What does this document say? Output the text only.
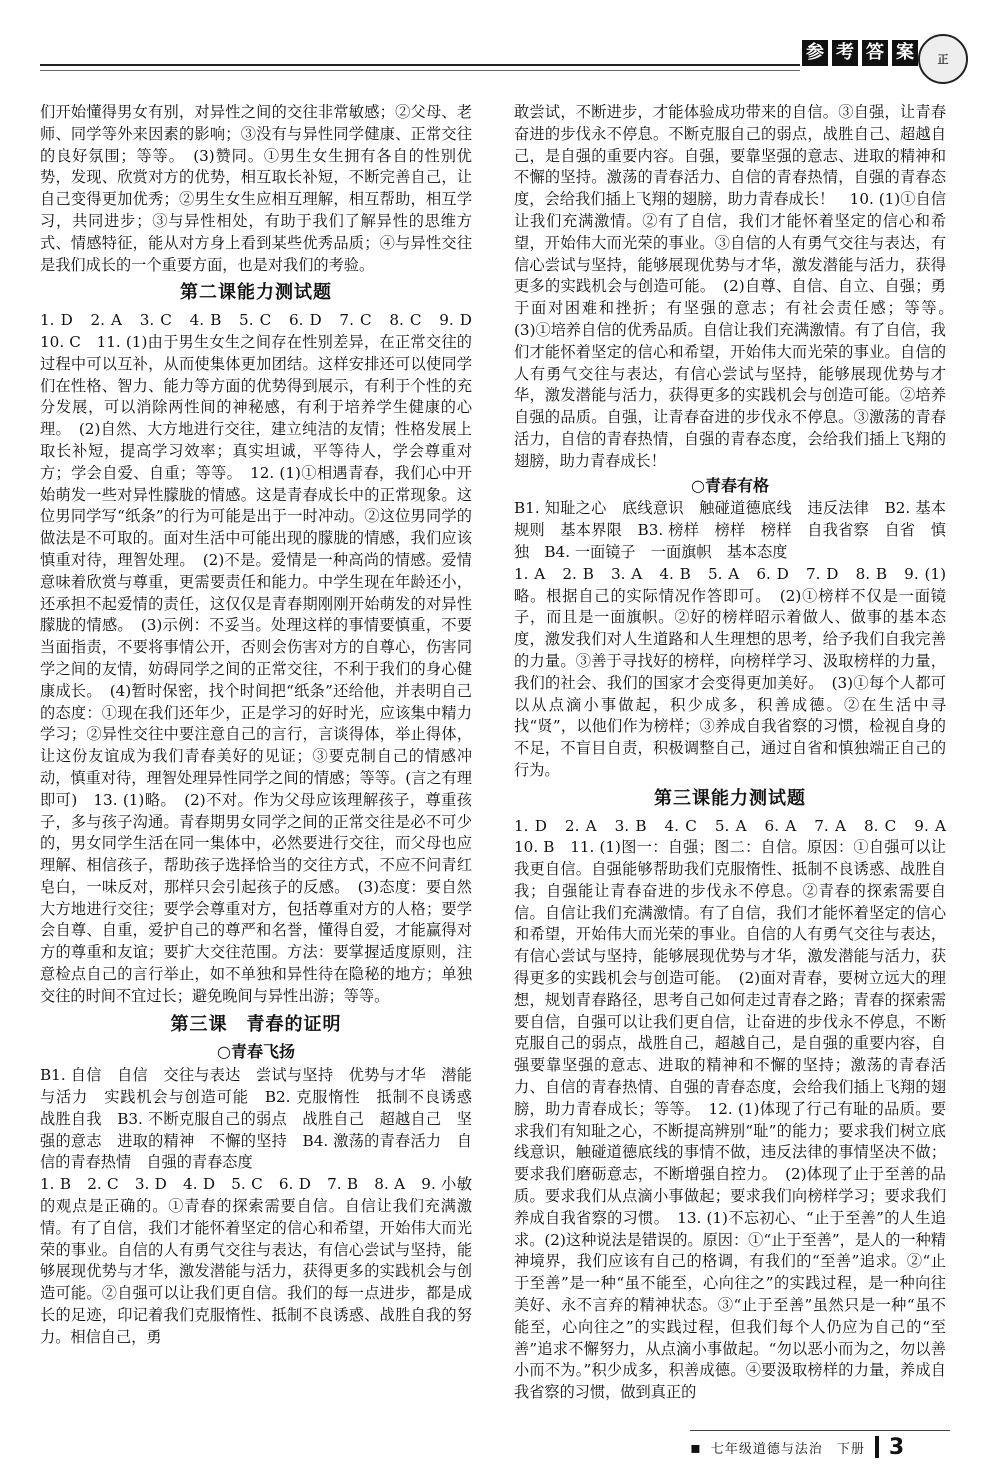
参 考 答 案	正

们开始懂得男女有别，对异性之间的交往非常敏感；②父母、老师、同学等外来因素的影响；③没有与异性同学健康、正常交往的良好氛围；等等。　(3)赞同。①男生女生拥有各自的性别优势，发现、欣赏对方的优势，相互取长补短，不断完善自己，让自己变得更加优秀；②男生女生应相互理解，相互帮助，相互学习，共同进步；③与异性相处，有助于我们了解异性的思维方式、情感特征，能从对方身上看到某些优秀品质；④与异性交往是我们成长的一个重要方面，也是对我们的考验。

第二课能力测试题

1. D　2. A　3. C　4. B　5. C　6. D　7. C　8. C　9. D　10. C　11. (1)由于男生女生之间存在性别差异，在正常交往的过程中可以互补，从而使集体更加团结。这样安排还可以使同学们在性格、智力、能力等方面的优势得到展示，有利于个性的充分发展，可以消除两性间的神秘感，有利于培养学生健康的心理。　(2)自然、大方地进行交往，建立纯洁的友情；性格发展上取长补短，提高学习效率；真实坦诚，平等待人，学会尊重对方；学会自爱、自重；等等。　12. (1)①相遇青春，我们心中开始萌发一些对异性朦胧的情感。这是青春成长中的正常现象。这位男同学写“纸条”的行为可能是出于一时冲动。②这位男同学的做法是不可取的。面对生活中可能出现的朦胧的情感，我们应该慎重对待，理智处理。　(2)不是。爱情是一种高尚的情感。爱情意味着欣赏与尊重，更需要责任和能力。中学生现在年龄还小，还承担不起爱情的责任，这仅仅是青春期刚刚开始萌发的对异性朦胧的情感。　(3)示例：不妥当。处理这样的事情要慎重，不要当面指责，不要将事情公开，否则会伤害对方的自尊心，伤害同学之间的友情，妨碍同学之间的正常交往，不利于我们的身心健康成长。　(4)暂时保密，找个时间把“纸条”还给他，并表明自己的态度：①现在我们还年少，正是学习的好时光，应该集中精力学习；②异性交往中要注意自己的言行，言谈得体，举止得体，让这份友谊成为我们青春美好的见证；③要克制自己的情感冲动，慎重对待，理智处理异性同学之间的情感；等等。(言之有理即可)　13. (1)略。　(2)不对。作为父母应该理解孩子，尊重孩子，多与孩子沟通。青春期男女同学之间的正常交往是必不可少的，男女同学生活在同一集体中，必然要进行交往，而父母也应理解、相信孩子，帮助孩子选择恰当的交往方式，不应不问青红皂白，一味反对，那样只会引起孩子的反感。　(3)态度：要自然大方地进行交往；要学会尊重对方，包括尊重对方的人格；要学会自尊、自重，爱护自己的尊严和名誉，懂得自爱，才能赢得对方的尊重和友谊；要扩大交往范围。方法：要掌握适度原则，注意检点自己的言行举止，如不单独和异性待在隐秘的地方；单独交往的时间不宜过长；避免晚间与异性出游；等等。

第三课　青春的证明
○青春飞扬

B1. 自信　自信　交往与表达　尝试与坚持　优势与才华　潜能与活力　实践机会与创造可能　B2. 克服惰性　抵制不良诱惑　战胜自我　B3. 不断克服自己的弱点　战胜自己　超越自己　坚强的意志　进取的精神　不懈的坚持　B4. 激荡的青春活力　自信的青春热情　自强的青春态度

1. B　2. C　3. D　4. D　5. C　6. D　7. B　8. A　9. 小敏的观点是正确的。①青春的探索需要自信。自信让我们充满激情。有了自信，我们才能怀着坚定的信心和希望，开始伟大而光荣的事业。自信的人有勇气交往与表达，有信心尝试与坚持，能够展现优势与才华，激发潜能与活力，获得更多的实践机会与创造可能。②自强可以让我们更自信。我们的每一点进步，都是成长的足迹，印记着我们克服惰性、抵制不良诱惑、战胜自我的努力。相信自己，勇

敢尝试，不断进步，才能体验成功带来的自信。③自强，让青春奋进的步伐永不停息。不断克服自己的弱点，战胜自己、超越自己，是自强的重要内容。自强，要靠坚强的意志、进取的精神和不懈的坚持。激荡的青春活力、自信的青春热情，自强的青春态度，会给我们插上飞翔的翅膀，助力青春成长！　10. (1)①自信让我们充满激情。②有了自信，我们才能怀着坚定的信心和希望，开始伟大而光荣的事业。③自信的人有勇气交往与表达，有信心尝试与坚持，能够展现优势与才华，激发潜能与活力，获得更多的实践机会与创造可能。　(2)自尊、自信、自立、自强；勇于面对困难和挫折；有坚强的意志；有社会责任感；等等。　(3)①培养自信的优秀品质。自信让我们充满激情。有了自信，我们才能怀着坚定的信心和希望，开始伟大而光荣的事业。自信的人有勇气交往与表达，有信心尝试与坚持，能够展现优势与才华，激发潜能与活力，获得更多的实践机会与创造可能。②培养自强的品质。自强，让青春奋进的步伐永不停息。③激荡的青春活力，自信的青春热情，自强的青春态度，会给我们插上飞翔的翅膀，助力青春成长！

○青春有格

B1. 知耻之心　底线意识　触碰道德底线　违反法律　B2. 基本规则　基本界限　B3. 榜样　榜样　榜样　自我省察　自省　慎独　B4. 一面镜子　一面旗帜　基本态度

1. A　2. B　3. A　4. B　5. A　6. D　7. D　8. B　9. (1)略。根据自己的实际情况作答即可。　(2)①榜样不仅是一面镜子，而且是一面旗帜。②好的榜样昭示着做人、做事的基本态度，激发我们对人生道路和人生理想的思考，给予我们自我完善的力量。③善于寻找好的榜样，向榜样学习、汲取榜样的力量，我们的社会、我们的国家才会变得更加美好。　(3)①每个人都可以从点滴小事做起，积少成多，积善成德。②在生活中寻找“贤”，以他们作为榜样；③养成自我省察的习惯，检视自身的不足，不盲目自责，积极调整自己，通过自省和慎独端正自己的行为。

第三课能力测试题

1. D　2. A　3. B　4. C　5. A　6. A　7. A　8. C　9. A　10. B　11. (1)图一：自强；图二：自信。原因：①自强可以让我更自信。自强能够帮助我们克服惰性、抵制不良诱惑、战胜自我；自强能让青春奋进的步伐永不停息。②青春的探索需要自信。自信让我们充满激情。有了自信，我们才能怀着坚定的信心和希望，开始伟大而光荣的事业。自信的人有勇气交往与表达，有信心尝试与坚持，能够展现优势与才华，激发潜能与活力，获得更多的实践机会与创造可能。　(2)面对青春，要树立远大的理想，规划青春路径，思考自己如何走过青春之路；青春的探索需要自信，自强可以让我们更自信，让奋进的步伐永不停息，不断克服自己的弱点，战胜自己，超越自己，是自强的重要内容，自强要靠坚强的意志、进取的精神和不懈的坚持；激荡的青春活力、自信的青春热情、自强的青春态度，会给我们插上飞翔的翅膀，助力青春成长；等等。　12. (1)体现了行己有耻的品质。要求我们有知耻之心，不断提高辨别“耻”的能力；要求我们树立底线意识，触碰道德底线的事情不做，违反法律的事情坚决不做；要求我们磨砺意志，不断增强自控力。　(2)体现了止于至善的品质。要求我们从点滴小事做起；要求我们向榜样学习；要求我们养成自我省察的习惯。　13. (1)不忘初心、“止于至善”的人生追求。(2)这种说法是错误的。原因：①“止于至善”，是人的一种精神境界，我们应该有自己的格调，有我们的“至善”追求。②“止于至善”是一种“虽不能至，心向往之”的实践过程，是一种向往美好、永不言弃的精神状态。③“止于至善”虽然只是一种“虽不能至，心向往之”的实践过程，但我们每个人仍应为自己的“至善”追求不懈努力，从点滴小事做起。“勿以恶小而为之，勿以善小而不为。”积少成多，积善成德。④要汲取榜样的力量，养成自我省察的习惯，做到真正的

▪ 七年级道德与法治　下册 3
